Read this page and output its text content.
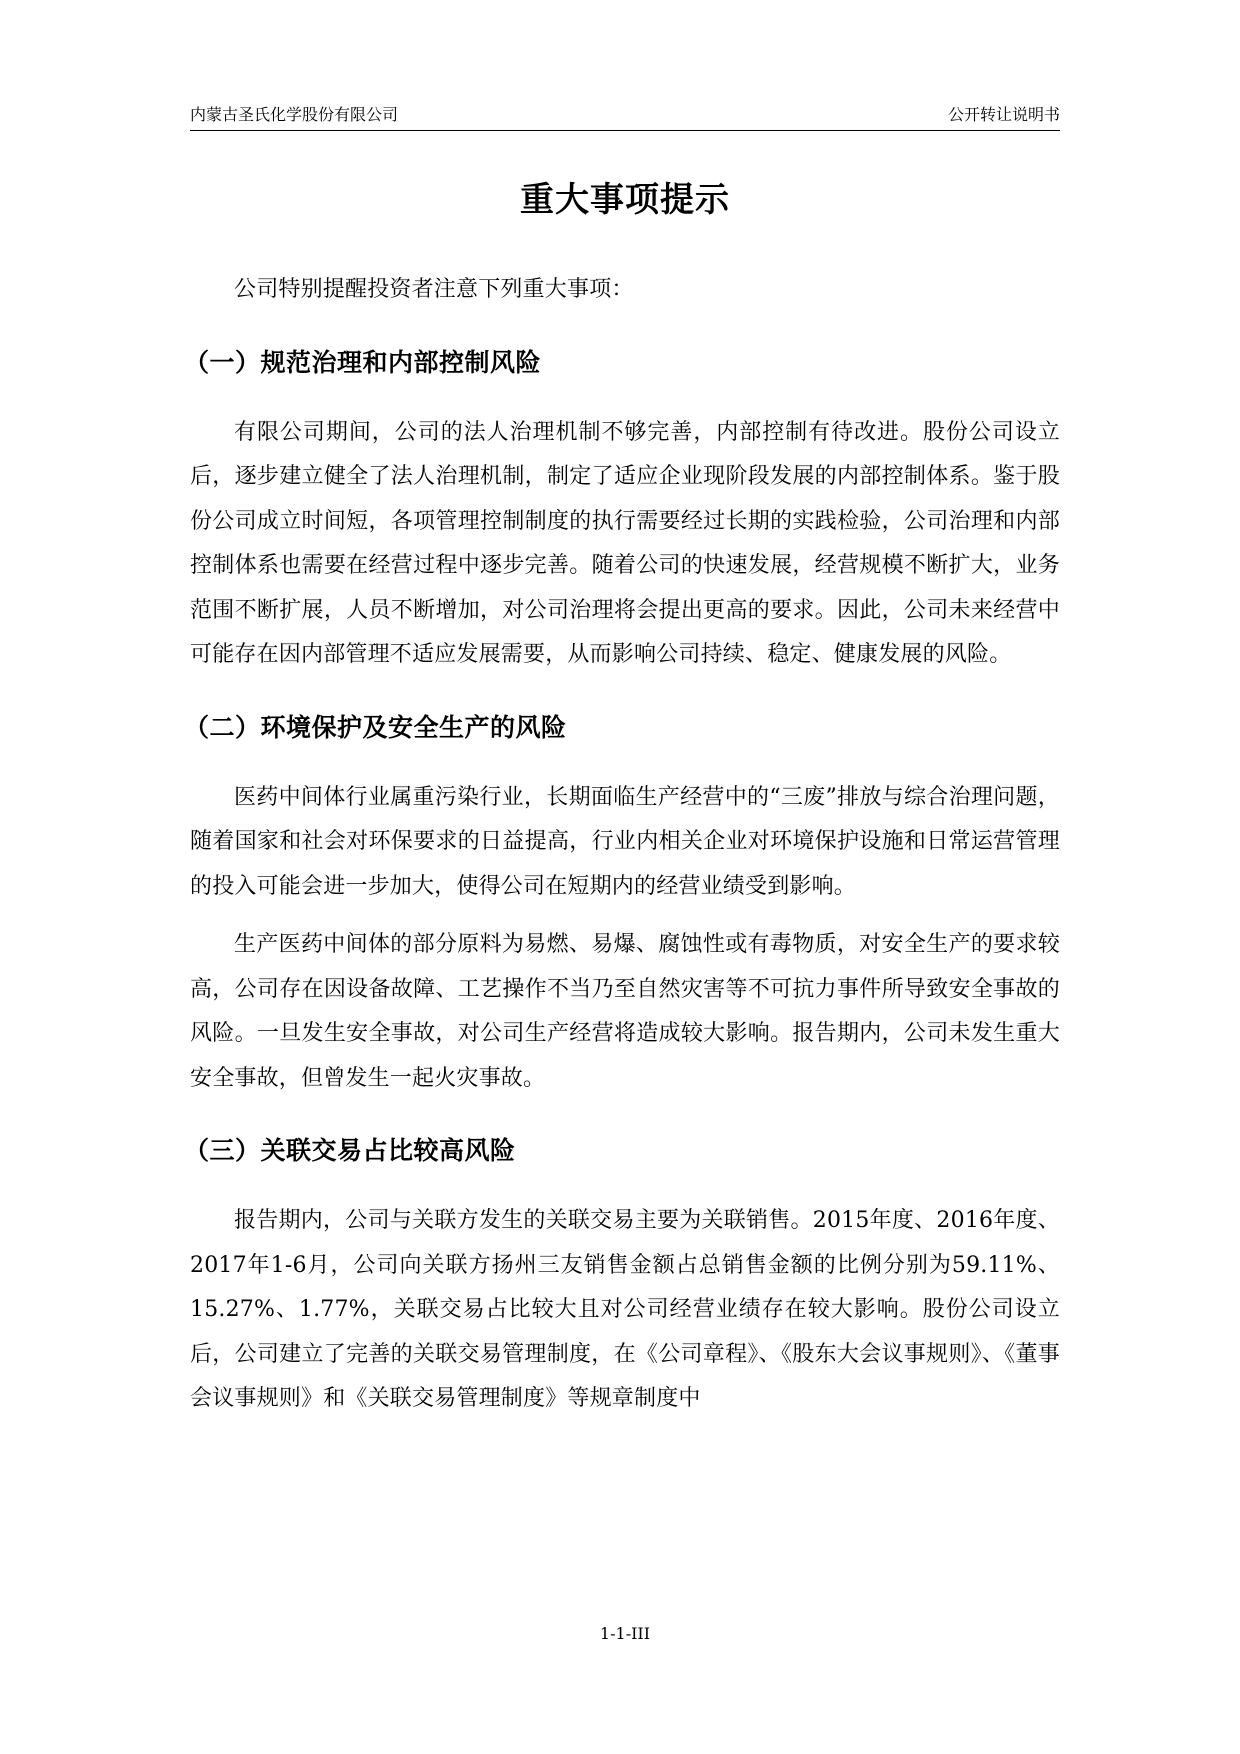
内蒙古圣氏化学股份有限公司	公开转让说明书
重大事项提示

公司特别提醒投资者注意下列重大事项：

（一）规范治理和内部控制风险

有限公司期间，公司的法人治理机制不够完善，内部控制有待改进。股份公司设立后，逐步建立健全了法人治理机制，制定了适应企业现阶段发展的内部控制体系。鉴于股份公司成立时间短，各项管理控制制度的执行需要经过长期的实践检验，公司治理和内部控制体系也需要在经营过程中逐步完善。随着公司的快速发展，经营规模不断扩大，业务范围不断扩展，人员不断增加，对公司治理将会提出更高的要求。因此，公司未来经营中可能存在因内部管理不适应发展需要，从而影响公司持续、稳定、健康发展的风险。

（二）环境保护及安全生产的风险

医药中间体行业属重污染行业，长期面临生产经营中的“三废”排放与综合治理问题，随着国家和社会对环保要求的日益提高，行业内相关企业对环境保护设施和日常运营管理的投入可能会进一步加大，使得公司在短期内的经营业绩受到影响。

生产医药中间体的部分原料为易燃、易爆、腐蚀性或有毒物质，对安全生产的要求较高，公司存在因设备故障、工艺操作不当乃至自然灾害等不可抗力事件所导致安全事故的风险。一旦发生安全事故，对公司生产经营将造成较大影响。报告期内，公司未发生重大安全事故，但曾发生一起火灾事故。

（三）关联交易占比较高风险

报告期内，公司与关联方发生的关联交易主要为关联销售。2015年度、2016年度、2017年1-6月，公司向关联方扬州三友销售金额占总销售金额的比例分别为59.11%、15.27%、1.77%，关联交易占比较大且对公司经营业绩存在较大影响。股份公司设立后，公司建立了完善的关联交易管理制度，在《公司章程》、《股东大会议事规则》、《董事会议事规则》和《关联交易管理制度》等规章制度中

1-1-III
